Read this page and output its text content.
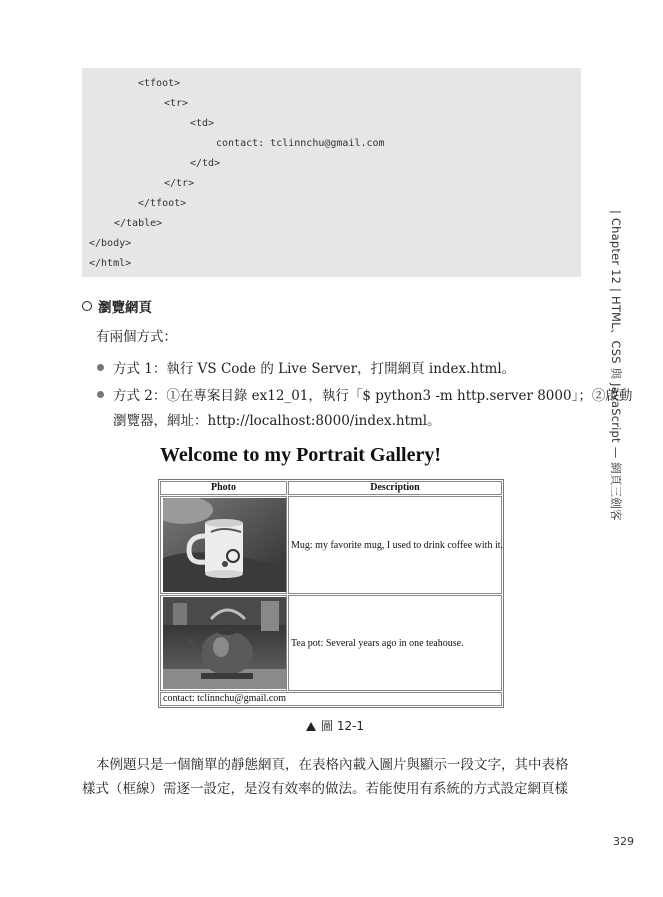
<tfoot>
<tr>
<td>
contact: tclinnchu@gmail.com
</td>
</tr>
</tfoot>
</table>
</body>
</html>	| Chapter 12 | HTML、CSS 與 JavaScript — 網頁三劍客
瀏覽網頁
有兩個方式：
方式 1：執行 VS Code 的 Live Server，打開網頁 index.html。
方式 2：①在專案目錄 ex12_01，執行「$ python3 -m http.server 8000」；②啟動
瀏覽器，網址：http://localhost:8000/index.html。
Welcome to my Portrait Gallery!
Photo	Description
Mug: my favorite mug, I used to drink coffee with it.
Tea pot: Several years ago in one teahouse.
contact: tclinnchu@gmail.com
圖 12-1
本例題只是一個簡單的靜態網頁，在表格內載入圖片與顯示一段文字，其中表格
樣式（框線）需逐一設定，是沒有效率的做法。若能使用有系統的方式設定網頁樣
329
